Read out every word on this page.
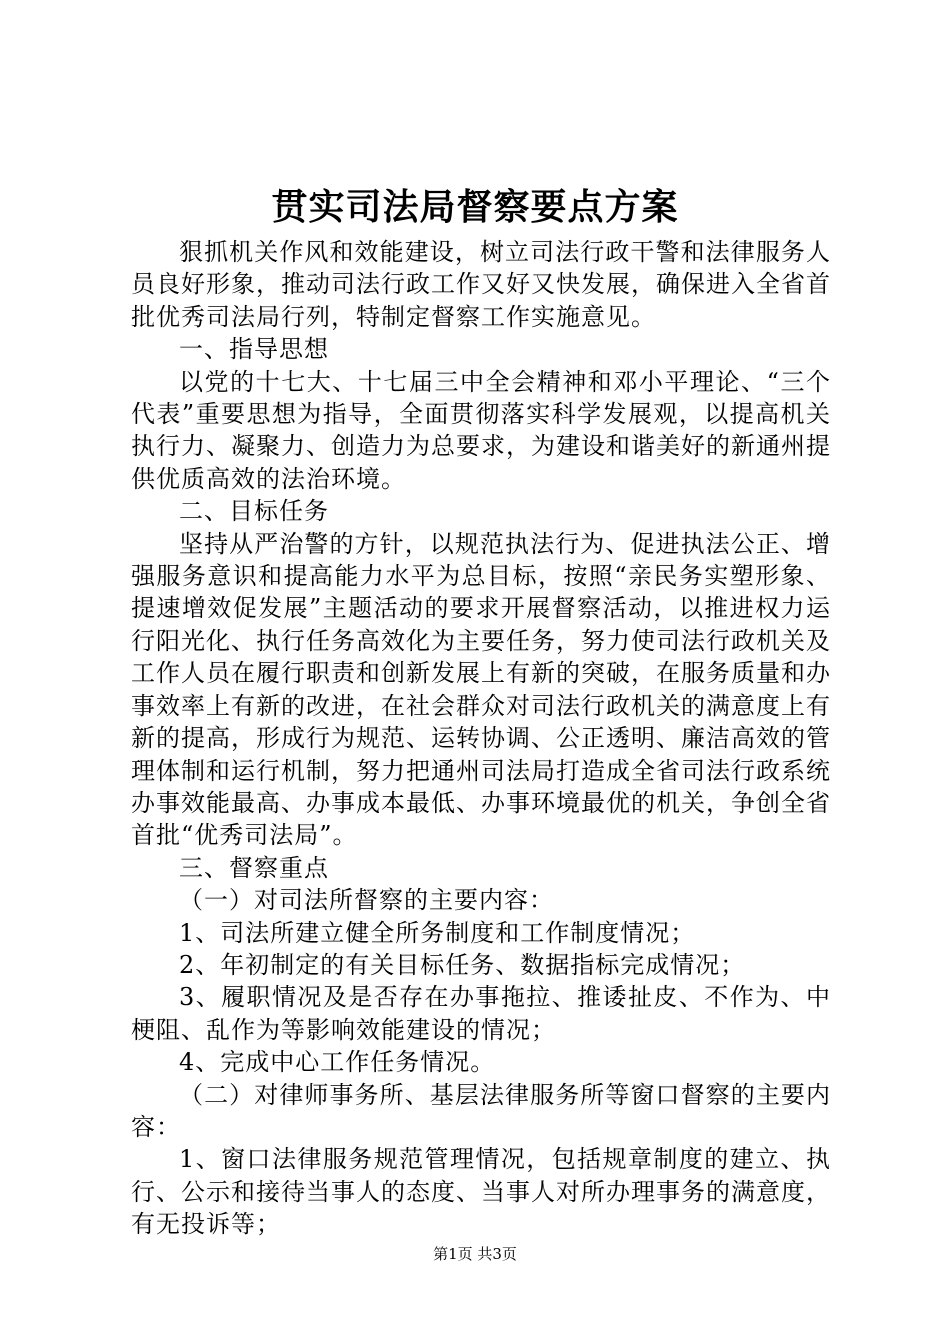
贯实司法局督察要点方案

狠抓机关作风和效能建设，树立司法行政干警和法律服务人员良好形象，推动司法行政工作又好又快发展，确保进入全省首批优秀司法局行列，特制定督察工作实施意见。

一、指导思想

以党的十七大、十七届三中全会精神和邓小平理论、“三个代表”重要思想为指导，全面贯彻落实科学发展观，以提高机关执行力、凝聚力、创造力为总要求，为建设和谐美好的新通州提供优质高效的法治环境。

二、目标任务

坚持从严治警的方针，以规范执法行为、促进执法公正、增强服务意识和提高能力水平为总目标，按照“亲民务实塑形象、提速增效促发展”主题活动的要求开展督察活动，以推进权力运行阳光化、执行任务高效化为主要任务，努力使司法行政机关及工作人员在履行职责和创新发展上有新的突破，在服务质量和办事效率上有新的改进，在社会群众对司法行政机关的满意度上有新的提高，形成行为规范、运转协调、公正透明、廉洁高效的管理体制和运行机制，努力把通州司法局打造成全省司法行政系统办事效能最高、办事成本最低、办事环境最优的机关，争创全省首批“优秀司法局”。

三、督察重点

（一）对司法所督察的主要内容：

1、司法所建立健全所务制度和工作制度情况；

2、年初制定的有关目标任务、数据指标完成情况；

3、履职情况及是否存在办事拖拉、推诿扯皮、不作为、中梗阻、乱作为等影响效能建设的情况；

4、完成中心工作任务情况。

（二）对律师事务所、基层法律服务所等窗口督察的主要内容：

1、窗口法律服务规范管理情况，包括规章制度的建立、执行、公示和接待当事人的态度、当事人对所办理事务的满意度，有无投诉等；

第1页 共3页
